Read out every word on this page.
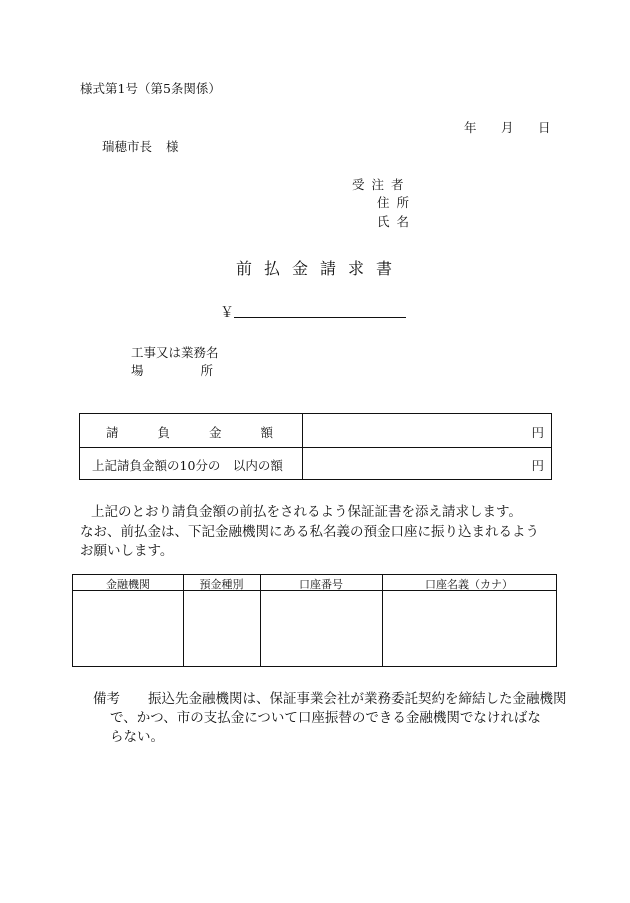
様式第1号（第5条関係）
年 月 日
瑞穂市長 様
受注者
住所
氏名
前払金請求書
￥
工事又は業務名
場	所
請負金額	円
上記請負金額の10分の　以内の額	円
上記のとおり請負金額の前払をされるよう保証証書を添え請求します。
なお、前払金は、下記金融機関にある私名義の預金口座に振り込まれるよう
お願いします。
金融機関	預金種別	口座番号	口座名義（カナ）
備考 振込先金融機関は、保証事業会社が業務委託契約を締結した金融機関
で、かつ、市の支払金について口座振替のできる金融機関でなければな
らない。
